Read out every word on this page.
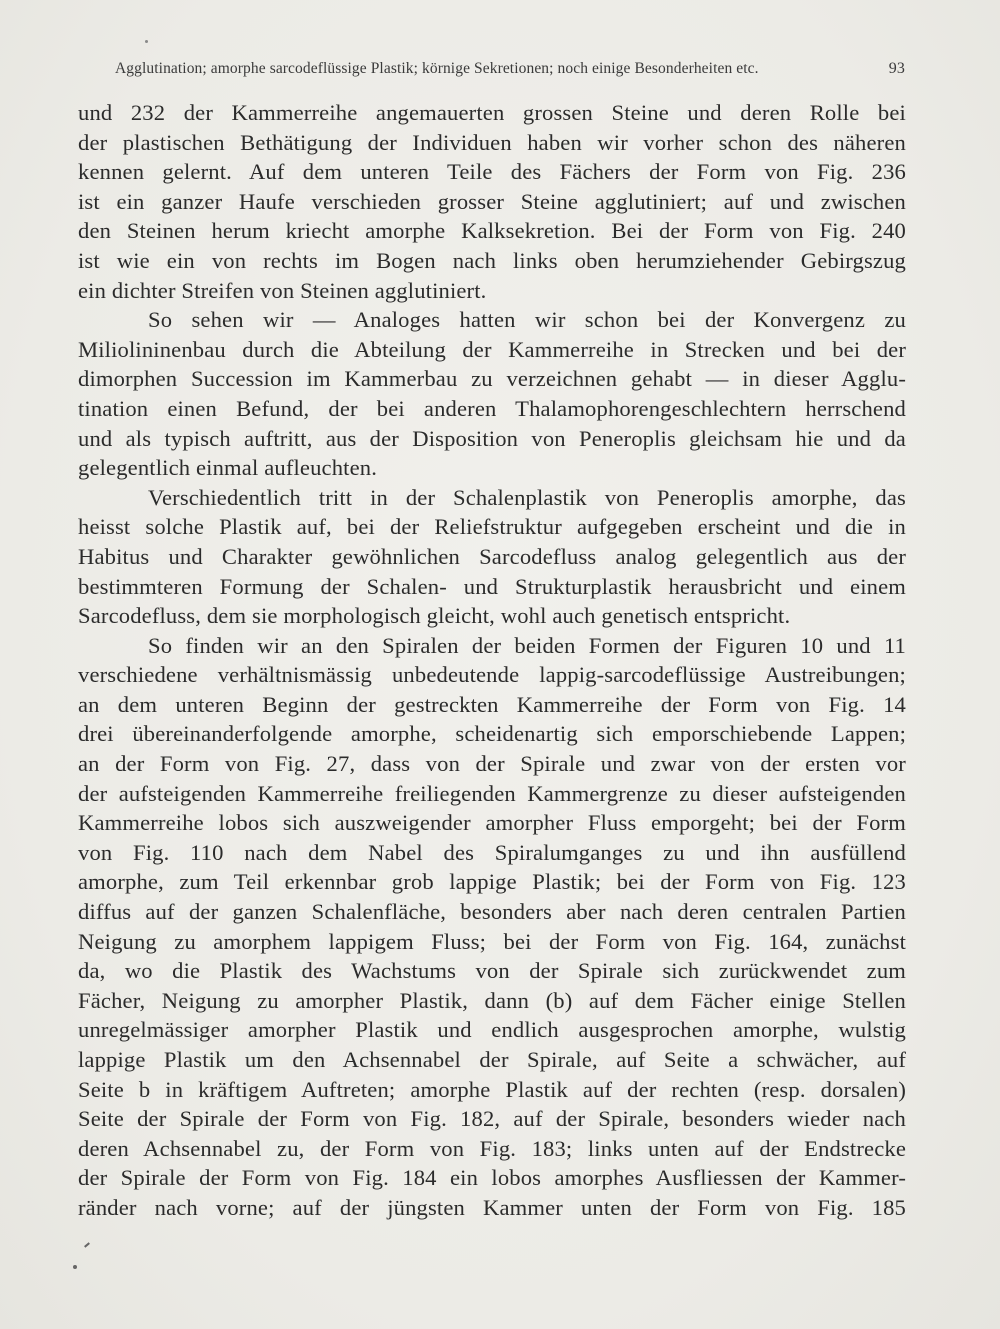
Agglutination; amorphe sarcodeflüssige Plastik; körnige Sekretionen; noch einige Besonderheiten etc.	93
und 232 der Kammerreihe angemauerten grossen Steine und deren Rolle bei
der plastischen Bethätigung der Individuen haben wir vorher schon des näheren
kennen gelernt. Auf dem unteren Teile des Fächers der Form von Fig. 236
ist ein ganzer Haufe verschieden grosser Steine agglutiniert; auf und zwischen
den Steinen herum kriecht amorphe Kalksekretion. Bei der Form von Fig. 240
ist wie ein von rechts im Bogen nach links oben herumziehender Gebirgszug
ein dichter Streifen von Steinen agglutiniert.
So sehen wir — Analoges hatten wir schon bei der Konvergenz zu
Miliolininenbau durch die Abteilung der Kammerreihe in Strecken und bei der
dimorphen Succession im Kammerbau zu verzeichnen gehabt — in dieser Agglu-
tination einen Befund, der bei anderen Thalamophorengeschlechtern herrschend
und als typisch auftritt, aus der Disposition von Peneroplis gleichsam hie und da
gelegentlich einmal aufleuchten.
Verschiedentlich tritt in der Schalenplastik von Peneroplis amorphe, das
heisst solche Plastik auf, bei der Reliefstruktur aufgegeben erscheint und die in
Habitus und Charakter gewöhnlichen Sarcodefluss analog gelegentlich aus der
bestimmteren Formung der Schalen- und Strukturplastik herausbricht und einem
Sarcodefluss, dem sie morphologisch gleicht, wohl auch genetisch entspricht.
So finden wir an den Spiralen der beiden Formen der Figuren 10 und 11
verschiedene verhältnismässig unbedeutende lappig-sarcodeflüssige Austreibungen;
an dem unteren Beginn der gestreckten Kammerreihe der Form von Fig. 14
drei übereinanderfolgende amorphe, scheidenartig sich emporschiebende Lappen;
an der Form von Fig. 27, dass von der Spirale und zwar von der ersten vor
der aufsteigenden Kammerreihe freiliegenden Kammergrenze zu dieser aufsteigenden
Kammerreihe lobos sich auszweigender amorpher Fluss emporgeht; bei der Form
von Fig. 110 nach dem Nabel des Spiralumganges zu und ihn ausfüllend
amorphe, zum Teil erkennbar grob lappige Plastik; bei der Form von Fig. 123
diffus auf der ganzen Schalenfläche, besonders aber nach deren centralen Partien
Neigung zu amorphem lappigem Fluss; bei der Form von Fig. 164, zunächst
da, wo die Plastik des Wachstums von der Spirale sich zurückwendet zum
Fächer, Neigung zu amorpher Plastik, dann (b) auf dem Fächer einige Stellen
unregelmässiger amorpher Plastik und endlich ausgesprochen amorphe, wulstig
lappige Plastik um den Achsennabel der Spirale, auf Seite a schwächer, auf
Seite b in kräftigem Auftreten; amorphe Plastik auf der rechten (resp. dorsalen)
Seite der Spirale der Form von Fig. 182, auf der Spirale, besonders wieder nach
deren Achsennabel zu, der Form von Fig. 183; links unten auf der Endstrecke
der Spirale der Form von Fig. 184 ein lobos amorphes Ausfliessen der Kammer-
ränder nach vorne; auf der jüngsten Kammer unten der Form von Fig. 185
